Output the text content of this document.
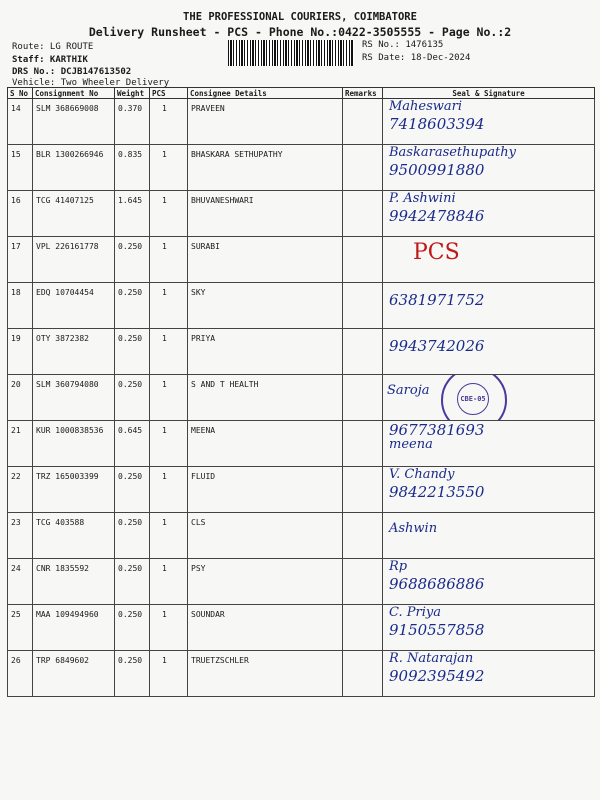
THE PROFESSIONAL COURIERS, COIMBATORE
Delivery Runsheet - PCS - Phone No.:0422-3505555 - Page No.:2
Route: LG ROUTE
Staff: KARTHIK
DRS No.: DCJB147613502
Vehicle: Two Wheeler Delivery
RS No.: 1476135
RS Date: 18-Dec-2024
S No	Consignment No	Weight	PCS	Consignee Details	Remarks	Seal & Signature
14	SLM 368669008	0.370	1	PRAVEEN		Maheswari
7418603394

15	BLR 1300266946	0.835	1	BHASKARA SETHUPATHY		Baskarasethupathy
9500991880

16	TCG 41407125	1.645	1	BHUVANESHWARI		P. Ashwini
9942478846

17	VPL 226161778	0.250	1	SURABI		PCS

18	EDQ 10704454	0.250	1	SKY		6381971752

19	OTY 3872382	0.250	1	PRIYA		9943742026

20	SLM 360794080	0.250	1	S AND T HEALTH		CBE-05
Saroja

21	KUR 1000838536	0.645	1	MEENA		9677381693
meena

22	TRZ 165003399	0.250	1	FLUID		V. Chandy
9842213550

23	TCG 403588	0.250	1	CLS		Ashwin

24	CNR 1835592	0.250	1	PSY		Rp
9688686886

25	MAA 109494960	0.250	1	SOUNDAR		C. Priya
9150557858

26	TRP 6849602	0.250	1	TRUETZSCHLER		R. Natarajan
9092395492
